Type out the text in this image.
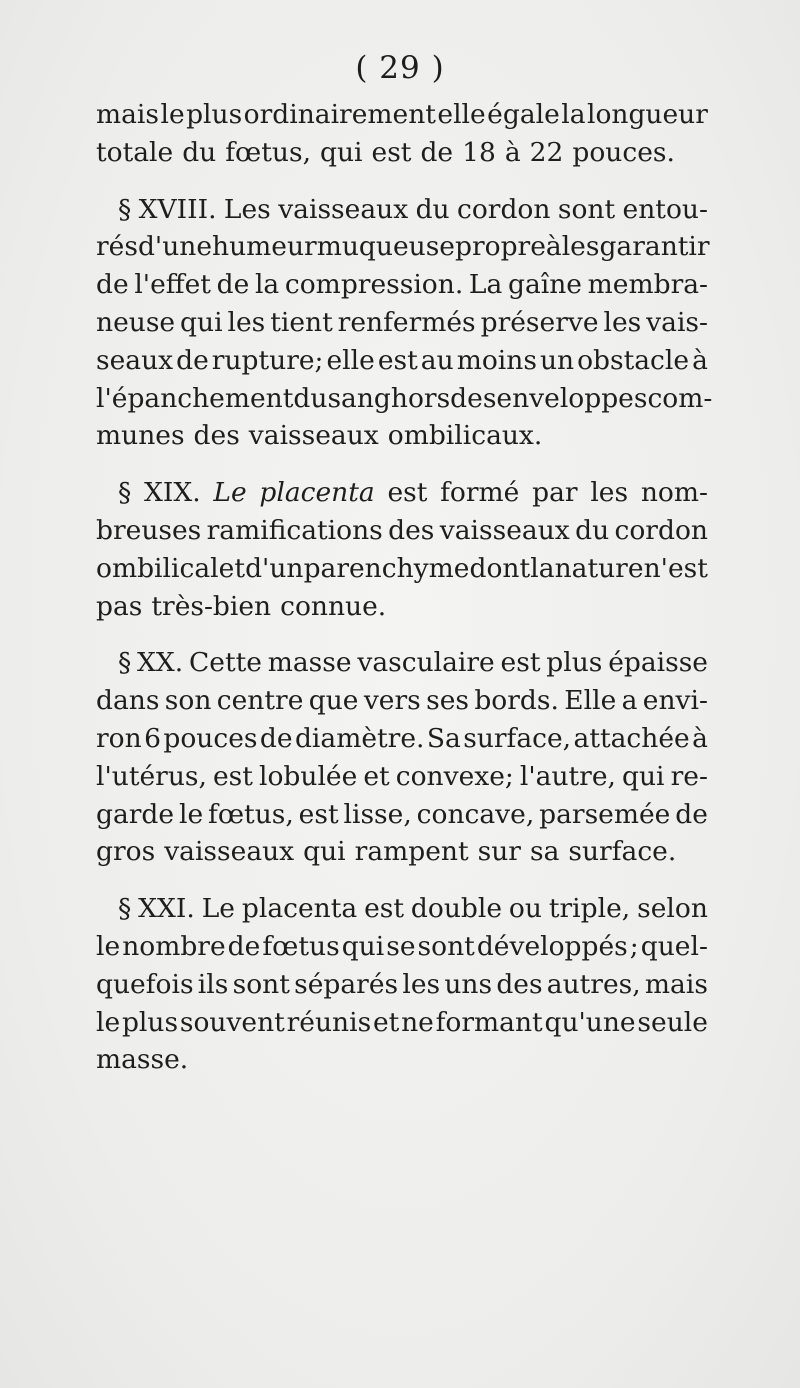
( 29 )
mais le plus ordinairement elle égale la longueur
totale du fœtus, qui est de 18 à 22 pouces.
§ XVIII. Les vaisseaux du cordon sont entou-
rés d'une humeur muqueuse propre à les garantir
de l'effet de la compression. La gaîne membra-
neuse qui les tient renfermés préserve les vais-
seaux de rupture; elle est au moins un obstacle à
l'épanchement du sang hors des enveloppes com-
munes des vaisseaux ombilicaux.
§ XIX. Le placenta est formé par les nom-
breuses ramifications des vaisseaux du cordon
ombilical et d'un parenchyme dont la nature n'est
pas très-bien connue.
§ XX. Cette masse vasculaire est plus épaisse
dans son centre que vers ses bords. Elle a envi-
ron 6 pouces de diamètre. Sa surface, attachée à
l'utérus, est lobulée et convexe; l'autre, qui re-
garde le fœtus, est lisse, concave, parsemée de
gros vaisseaux qui rampent sur sa surface.
§ XXI. Le placenta est double ou triple, selon
le nombre de fœtus qui se sont développés ; quel-
quefois ils sont séparés les uns des autres, mais
le plus souvent réunis et ne formant qu'une seule
masse.
